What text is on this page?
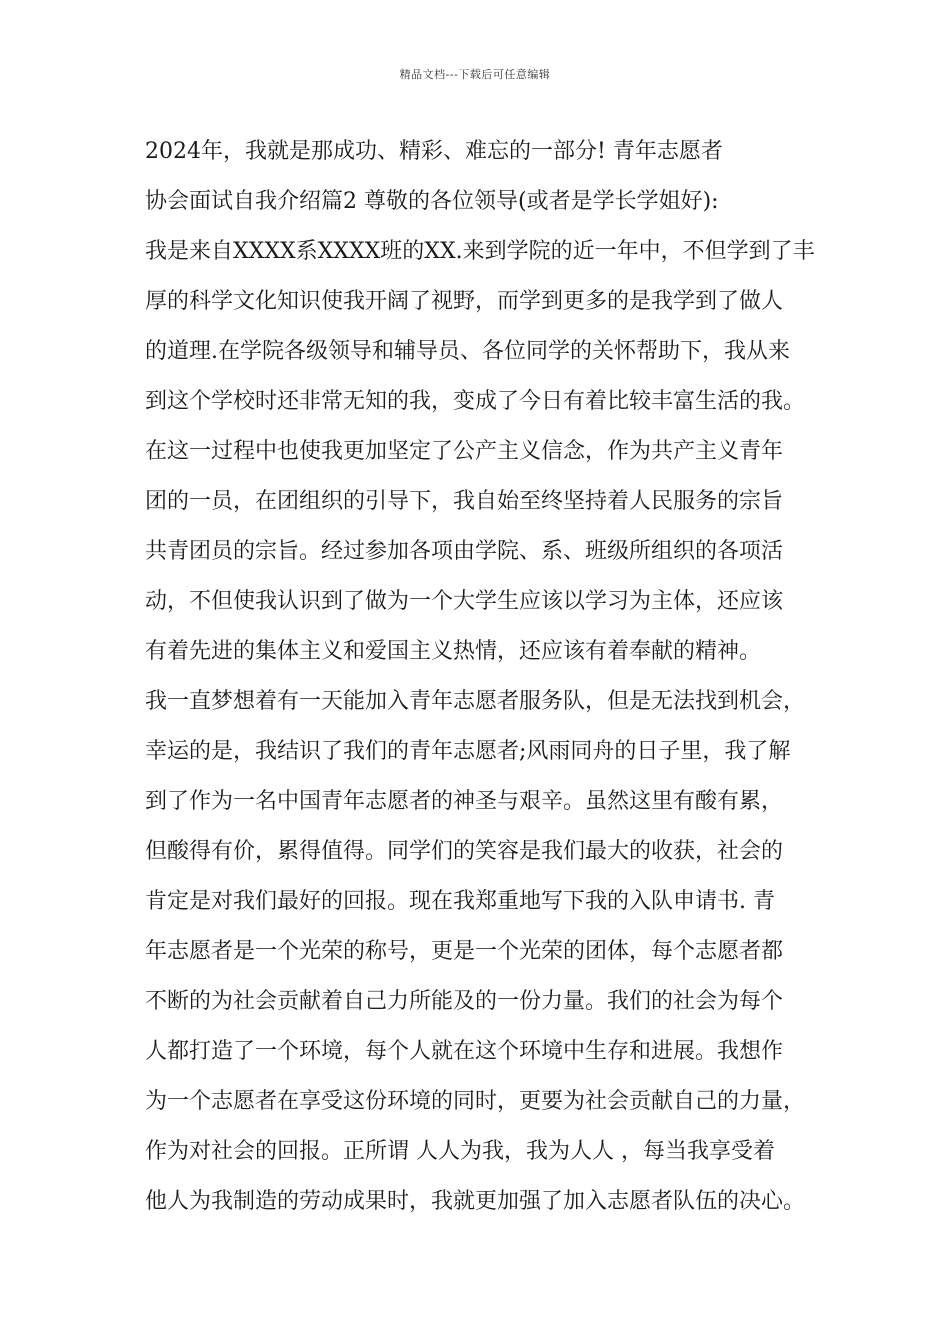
精品文档---下载后可任意编辑
2024年，我就是那成功、精彩、难忘的一部分! 青年志愿者
协会面试自我介绍篇2 尊敬的各位领导(或者是学长学姐好):
我是来自XXXX系XXXX班的XX.来到学院的近一年中，不但学到了丰
厚的科学文化知识使我开阔了视野，而学到更多的是我学到了做人
的道理.在学院各级领导和辅导员、各位同学的关怀帮助下，我从来
到这个学校时还非常无知的我，变成了今日有着比较丰富生活的我。
在这一过程中也使我更加坚定了公产主义信念，作为共产主义青年
团的一员，在团组织的引导下，我自始至终坚持着人民服务的宗旨
共青团员的宗旨。经过参加各项由学院、系、班级所组织的各项活
动，不但使我认识到了做为一个大学生应该以学习为主体，还应该
有着先进的集体主义和爱国主义热情，还应该有着奉献的精神。
我一直梦想着有一天能加入青年志愿者服务队，但是无法找到机会，
幸运的是，我结识了我们的青年志愿者;风雨同舟的日子里，我了解
到了作为一名中国青年志愿者的神圣与艰辛。虽然这里有酸有累，
但酸得有价，累得值得。同学们的笑容是我们最大的收获，社会的
肯定是对我们最好的回报。现在我郑重地写下我的入队申请书. 青
年志愿者是一个光荣的称号，更是一个光荣的团体，每个志愿者都
不断的为社会贡献着自己力所能及的一份力量。我们的社会为每个
人都打造了一个环境，每个人就在这个环境中生存和进展。我想作
为一个志愿者在享受这份环境的同时，更要为社会贡献自己的力量，
作为对社会的回报。正所谓 人人为我，我为人人 ，每当我享受着
他人为我制造的劳动成果时，我就更加强了加入志愿者队伍的决心。
